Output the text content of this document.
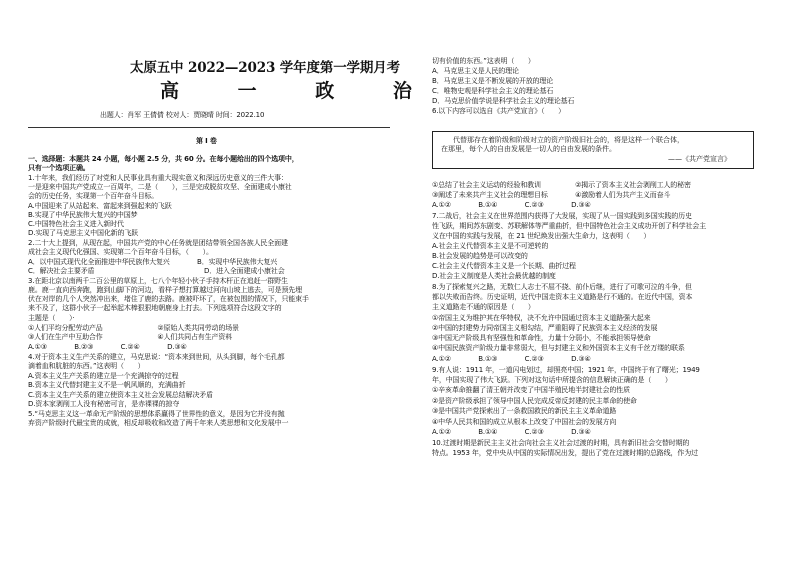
太原五中 2022—2023 学年度第一学期月考
高 一 政 治
出题人：肖军 王倩倩 校对人：贾晓晴 时间：2022.10
第 I 卷
一、选择题：本题共 24 小题，每小题 2.5 分，共 60 分。在每小题给出的四个选项中，
只有一个选项正确。
1.十年来，我们经历了对党和人民事业具有重大现实意义和深远历史意义的三件大事：
一是迎来中国共产党成立一百周年，二是（　　），三是完成脱贫攻坚、全面建成小康社
会的历史任务，实现第一个百年奋斗目标。
A.中国迎来了从站起来、富起来到强起来的飞跃
B.实现了中华民族伟大复兴的中国梦
C.中国特色社会主义进入新时代
D.实现了马克思主义中国化新的飞跃
2.二十大上提到，从现在起，中国共产党的中心任务就是团结带领全国各族人民全面建
成社会主义现代化强国、实现第二个百年奋斗目标，（　　）。
A．以中国式现代化全面推进中华民族伟大复兴　　　　B．实现中华民族伟大复兴
C．解决社会主要矛盾　　　　　　　　　　　　　　　　D．进入全面建成小康社会
3.在距北京以南两千二百公里的草原上，七八个年轻小伙子手持木杆正在追赶一群野生
鹿。鹿一直向西奔跑，跑到山脚下的河边，看样子想打算越过河向山坡上逃去，可是预先埋
伏在对岸的几个人突然冲出来，堵住了鹿的去路。鹿被吓坏了，在被包围的情况下，只能束手
来不及了，这群小伙子一起举起木棒狠狠地朝鹿身上打去。下列选项符合这段文字的
主题是（　　）·
①人们平均分配劳动产品　　　　　　　　②原始人类共同劳动的场景
③人们在生产中互助合作　　　　　　　　④人们共同占有生产资料
A.①③　　　　B.②③　　　　C.②④　　　　D.③④
4.对于资本主义生产关系的建立，马克思说：“资本来到世间，从头到脚，每个毛孔都
滴着血和肮脏的东西。”这表明（　　）
A.资本主义生产关系的建立是一个充满掠夺的过程
B.资本主义代替封建主义不是一帆风顺的，充满曲折
C.资本主义生产关系的建立使资本主义社会发展总结解决矛盾
D.资本家剥削工人没有秘密可言，是赤裸裸的掠夺
5.“马克思主义这一革命无产阶级的思想体系赢得了世界性的意义，是因为它并没有抛
弃资产阶级时代最宝贵的成就，相反却吸收和改造了两千年来人类思想和文化发展中一
切有价值的东西。”这表明（　　）
A．马克思主义是人民的理论
B．马克思主义是不断发展的开放的理论
C．唯物史观是科学社会主义的理论基石
D．马克思价值学说是科学社会主义的理论基石
6.以下内容可以选自《共产党宣言》（　　）
代替那存在着阶级和阶级对立的资产阶级旧社会的，将是这样一个联合体，
在那里，每个人的自由发展是一切人的自由发展的条件。
——《共产党宣言》
①总结了社会主义运动的经验和教训　　　　　②揭示了资本主义社会剥削工人的秘密
③阐述了未来共产主义社会的理想目标　　　　④激励着人们为共产主义而奋斗
A.①②　　　　B.①④　　　　C.②③　　　　D.③④
7.二战后，社会主义在世界范围内获得了大发展，实现了从一国实践到多国实践的历史
性飞跃，期间苏东剧变、苏联解体等严重曲折，但中国特色社会主义成功开创了科学社会主
义在中国的实践与发展，在 21 世纪焕发出强大生命力，这表明（　　）
A.社会主义代替资本主义是不可逆转的
B.社会发展的趋势是可以改变的
C.社会主义代替资本主义是一个长期、曲折过程
D.社会主义制度是人类社会最优越的制度
8.为了探索复兴之路，无数仁人志士不屈不挠、前仆后继，进行了可歌可泣的斗争，但
都以失败而告终。历史证明，近代中国走资本主义道路是行不通的。在近代中国，资本
主义道路走不通的原因是（　　）
①帝国主义为维护其在华特权，决不允许中国通过资本主义道路强大起来
②中国的封建势力同帝国主义相勾结，严重阻碍了民族资本主义经济的发展
③中国无产阶级具有坚强性和革命性，力量十分弱小，不能承担领导使命
④中国民族资产阶级力量非常弱大，但与封建主义和外国资本主义有千丝万缕的联系
A.①②　　　　B.①③　　　　C.②③　　　　D.③④
9.有人说：1911 年，一道闪电划过，却照亮中国；1921 年，中国终于有了曙光；1949
年，中国实现了伟大飞跃。下列对这句话中所提含的信息解读正确的是（　　）
①辛亥革命推翻了清王朝并改变了中国半殖民地半封建社会的性质
②是资产阶级承担了领导中国人民完成反帝反封建的民主革命的使命
③是中国共产党探索出了一条救国救民的新民主主义革命道路
④中华人民共和国的成立从根本上改变了中国社会的发展方向
A.①②　　　　B.①④　　　　C.②③　　　　D.③④
10.过渡时期是新民主主义社会向社会主义社会过渡的时期，具有新旧社会交替时期的
特点。1953 年，党中央从中国的实际情况出发，提出了党在过渡时期的总路线，作为过
